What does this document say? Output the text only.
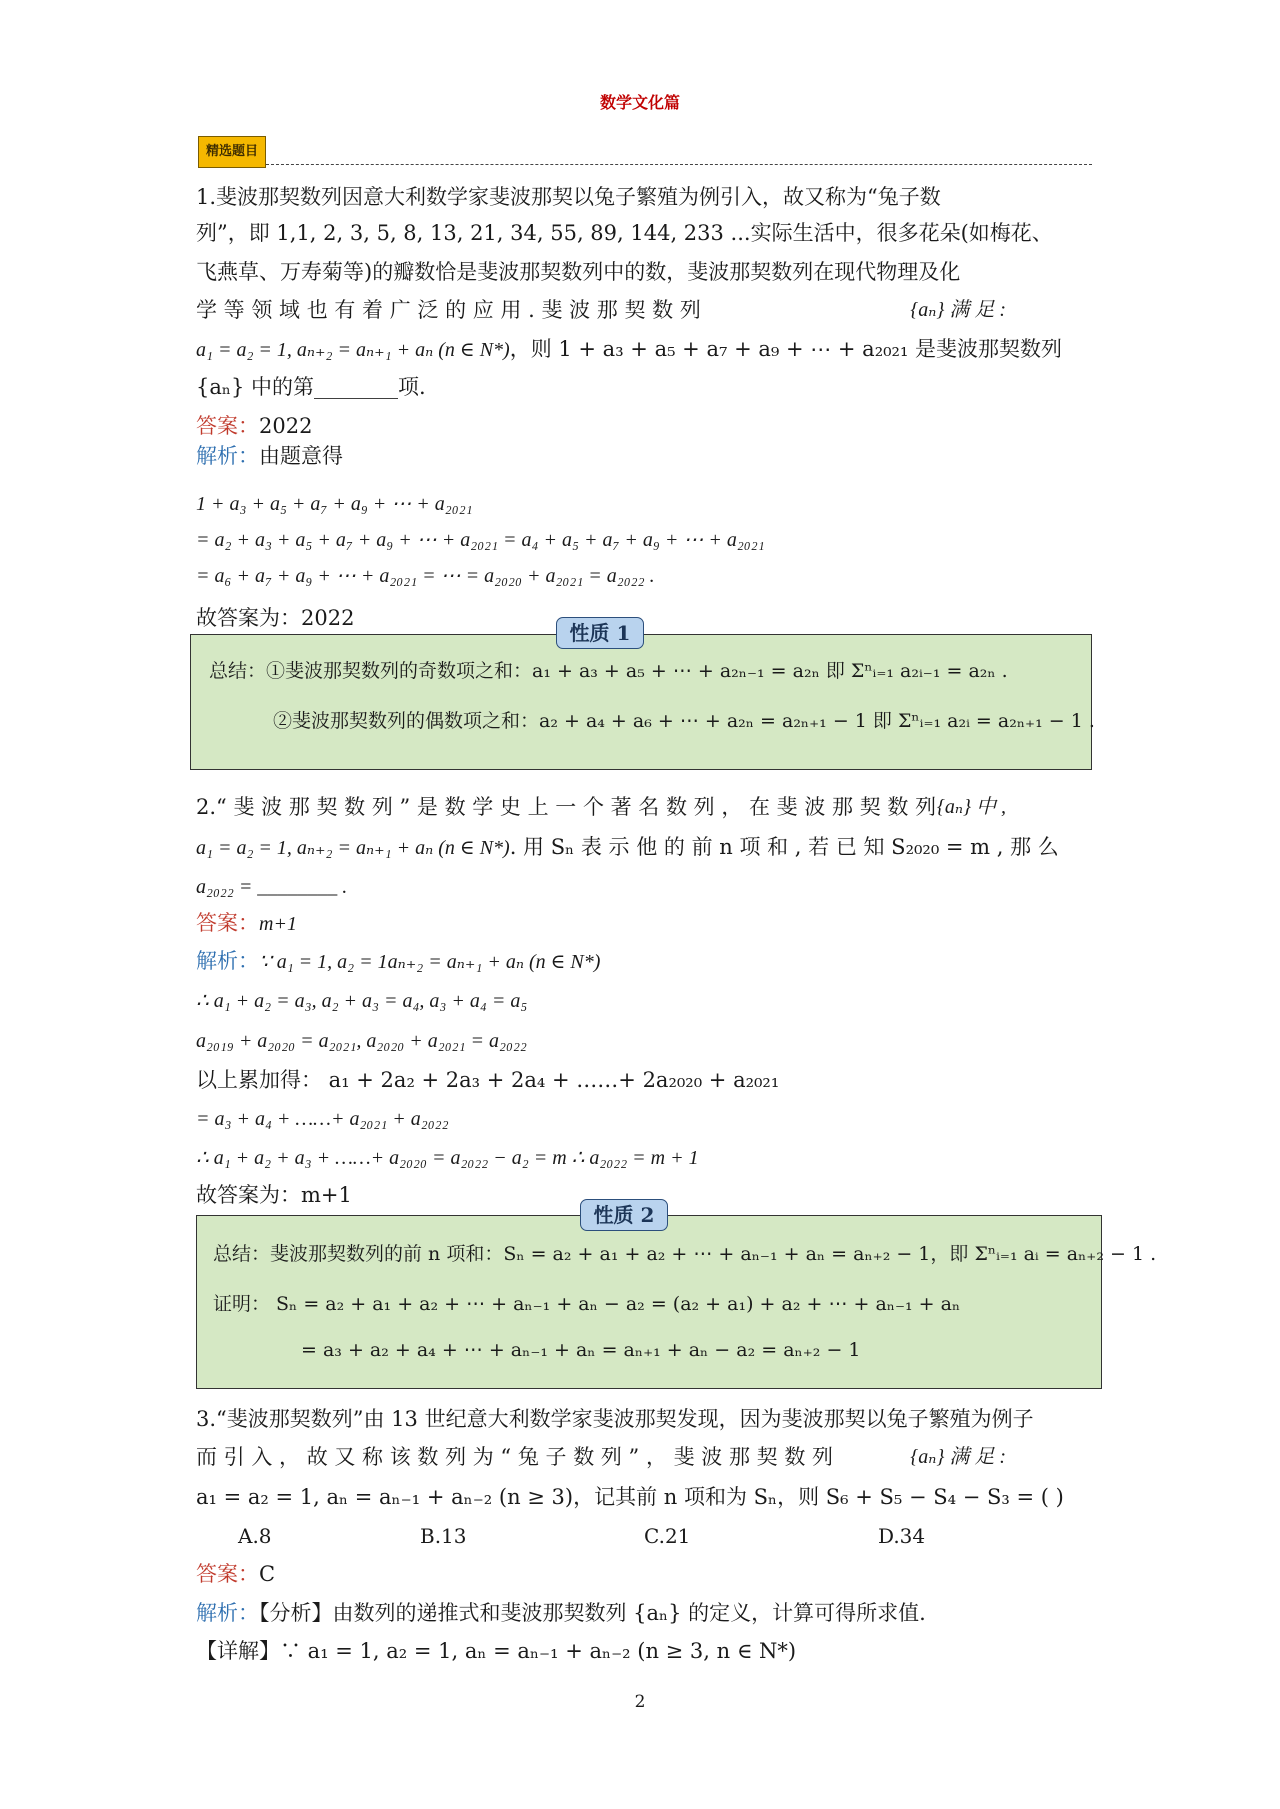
数学文化篇
精选题目
1.斐波那契数列因意大利数学家斐波那契以兔子繁殖为例引入，故又称为“兔子数
列”，即 1,1, 2, 3, 5, 8, 13, 21, 34, 55, 89, 144, 233 ...实际生活中，很多花朵(如梅花、
飞燕草、万寿菊等)的瓣数恰是斐波那契数列中的数，斐波那契数列在现代物理及化
学 等 领 域 也 有 着 广 泛 的 应 用 . 斐 波 那 契 数 列	{aₙ} 满 足 :
a₁ = a₂ = 1, aₙ₊₂ = aₙ₊₁ + aₙ (n ∈ N*)，则 1 + a₃ + a₅ + a₇ + a₉ + ⋯ + a₂₀₂₁ 是斐波那契数列
{aₙ} 中的第________项.
答案：2022
解析：由题意得
1 + a₃ + a₅ + a₇ + a₉ + ⋯ + a₂₀₂₁
= a₂ + a₃ + a₅ + a₇ + a₉ + ⋯ + a₂₀₂₁ = a₄ + a₅ + a₇ + a₉ + ⋯ + a₂₀₂₁
= a₆ + a₇ + a₉ + ⋯ + a₂₀₂₁ = ⋯ = a₂₀₂₀ + a₂₀₂₁ = a₂₀₂₂ .
故答案为：2022
总结：①斐波那契数列的奇数项之和：a₁ + a₃ + a₅ + ⋯ + a₂ₙ₋₁ = a₂ₙ 即 Σⁿᵢ₌₁ a₂ᵢ₋₁ = a₂ₙ .
②斐波那契数列的偶数项之和：a₂ + a₄ + a₆ + ⋯ + a₂ₙ = a₂ₙ₊₁ − 1 即 Σⁿᵢ₌₁ a₂ᵢ = a₂ₙ₊₁ − 1 .
性质 1
2.“ 斐 波 那 契 数 列 ” 是 数 学 史 上 一 个 著 名 数 列 ， 在 斐 波 那 契 数 列 {aₙ} 中 ,
a₁ = a₂ = 1, aₙ₊₂ = aₙ₊₁ + aₙ (n ∈ N*). 用 Sₙ 表 示 他 的 前 n 项 和 , 若 已 知 S₂₀₂₀ = m , 那 么
a₂₀₂₂ = ________ .
答案：m+1
解析：∵ a₁ = 1, a₂ = 1aₙ₊₂ = aₙ₊₁ + aₙ (n ∈ N*)
∴ a₁ + a₂ = a₃, a₂ + a₃ = a₄, a₃ + a₄ = a₅
a₂₀₁₉ + a₂₀₂₀ = a₂₀₂₁, a₂₀₂₀ + a₂₀₂₁ = a₂₀₂₂
以上累加得： a₁ + 2a₂ + 2a₃ + 2a₄ + ……+ 2a₂₀₂₀ + a₂₀₂₁
= a₃ + a₄ + ……+ a₂₀₂₁ + a₂₀₂₂
∴ a₁ + a₂ + a₃ + ……+ a₂₀₂₀ = a₂₀₂₂ − a₂ = m ∴ a₂₀₂₂ = m + 1
故答案为：m+1
总结：斐波那契数列的前 n 项和：Sₙ = a₂ + a₁ + a₂ + ⋯ + aₙ₋₁ + aₙ = aₙ₊₂ − 1，即 Σⁿᵢ₌₁ aᵢ = aₙ₊₂ − 1 .
证明： Sₙ = a₂ + a₁ + a₂ + ⋯ + aₙ₋₁ + aₙ − a₂ = (a₂ + a₁) + a₂ + ⋯ + aₙ₋₁ + aₙ
= a₃ + a₂ + a₄ + ⋯ + aₙ₋₁ + aₙ = aₙ₊₁ + aₙ − a₂ = aₙ₊₂ − 1
性质 2
3.“斐波那契数列”由 13 世纪意大利数学家斐波那契发现，因为斐波那契以兔子繁殖为例子
而 引 入 ， 故 又 称 该 数 列 为 “ 兔 子 数 列 ” ， 斐 波 那 契 数 列	{aₙ} 满 足 :
a₁ = a₂ = 1, aₙ = aₙ₋₁ + aₙ₋₂ (n ≥ 3)，记其前 n 项和为 Sₙ，则 S₆ + S₅ − S₄ − S₃ = ( )
A.8	B.13	C.21	D.34
答案：C
解析：【分析】由数列的递推式和斐波那契数列 {aₙ} 的定义，计算可得所求值.
【详解】∵ a₁ = 1, a₂ = 1, aₙ = aₙ₋₁ + aₙ₋₂ (n ≥ 3, n ∈ N*)
2
